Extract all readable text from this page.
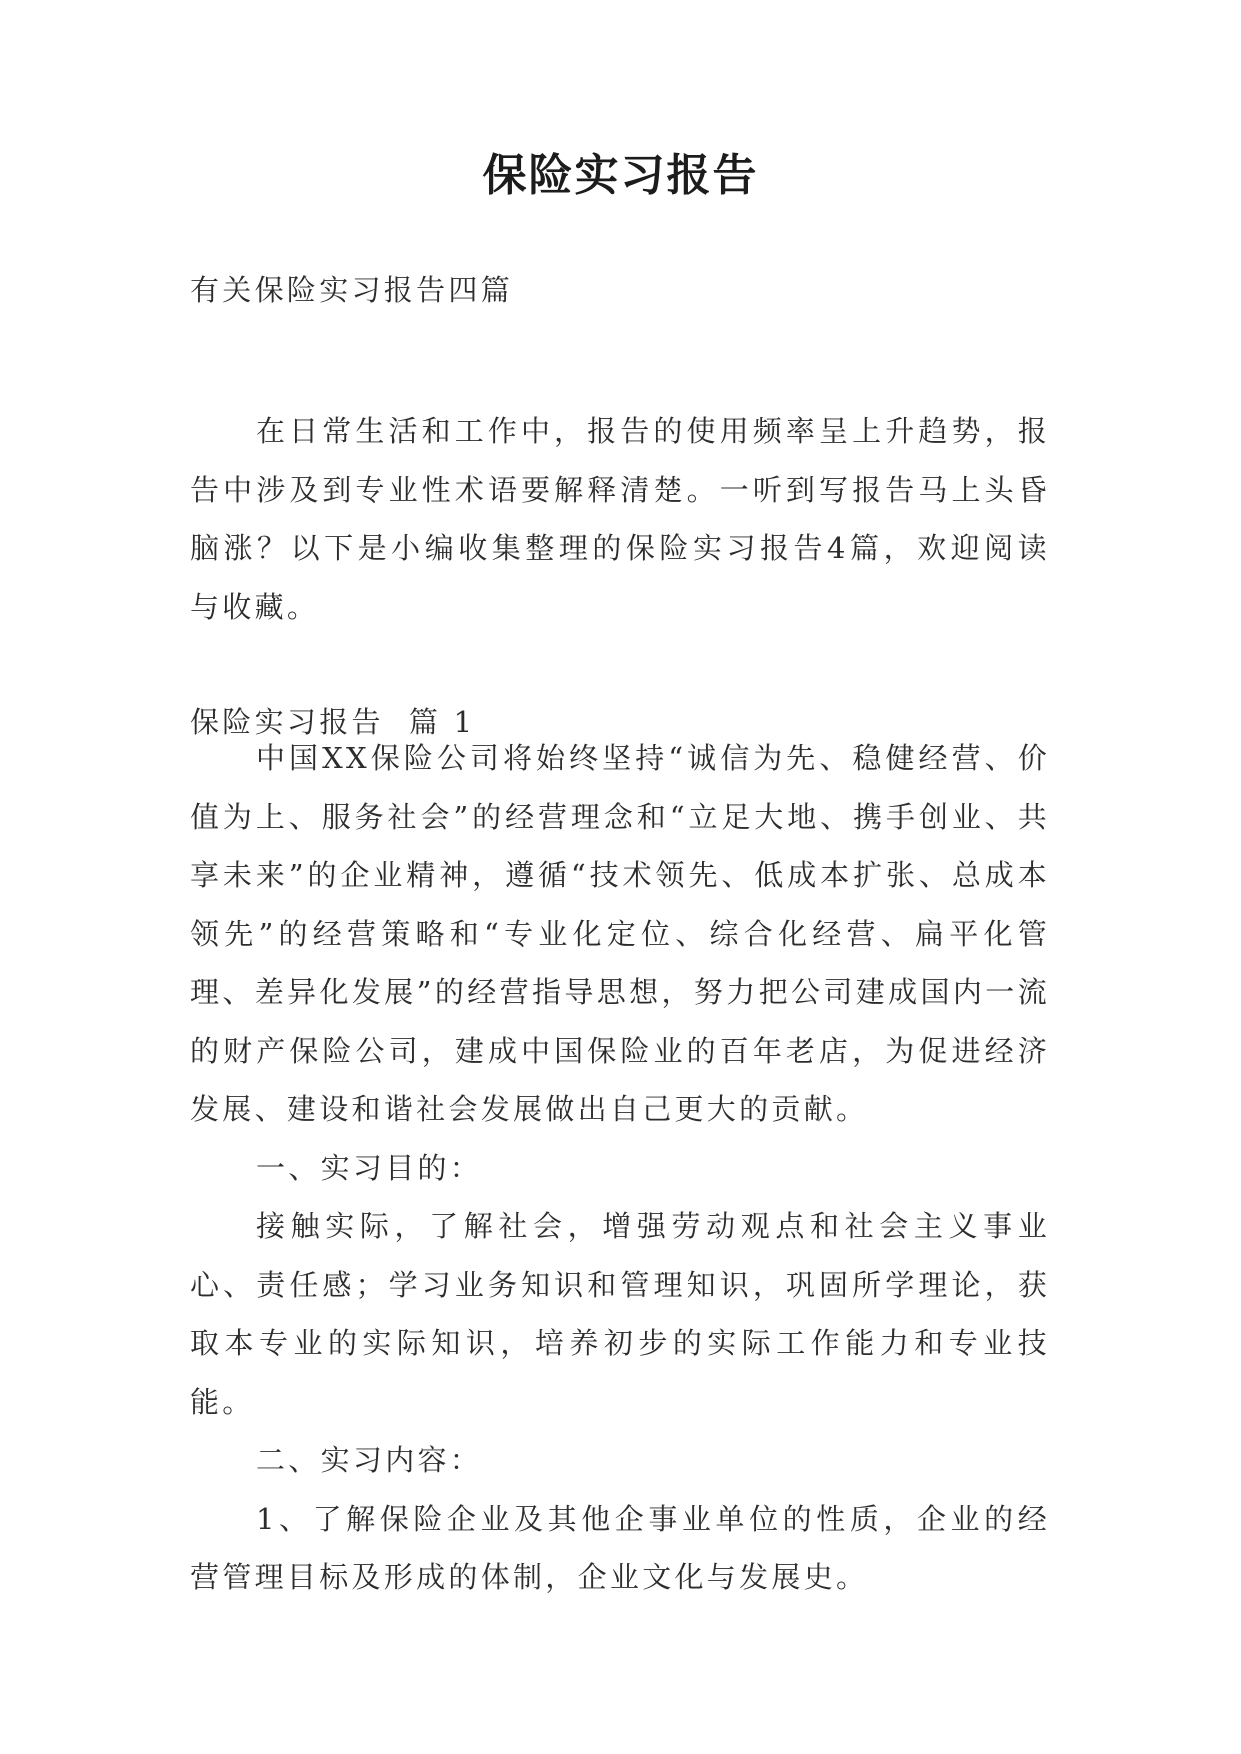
保险实习报告
有关保险实习报告四篇
在日常生活和工作中，报告的使用频率呈上升趋势，报告中涉及到专业性术语要解释清楚。一听到写报告马上头昏脑涨？以下是小编收集整理的保险实习报告4篇，欢迎阅读与收藏。
保险实习报告  篇 1

中国XX保险公司将始终坚持“诚信为先、稳健经营、价值为上、服务社会”的经营理念和“立足大地、携手创业、共享未来”的企业精神，遵循“技术领先、低成本扩张、总成本领先”的经营策略和“专业化定位、综合化经营、扁平化管理、差异化发展”的经营指导思想，努力把公司建成国内一流的财产保险公司，建成中国保险业的百年老店，为促进经济发展、建设和谐社会发展做出自己更大的贡献。

一、实习目的：

接触实际，了解社会，增强劳动观点和社会主义事业心、责任感；学习业务知识和管理知识，巩固所学理论，获取本专业的实际知识，培养初步的实际工作能力和专业技能。

二、实习内容：

1、了解保险企业及其他企事业单位的性质，企业的经营管理目标及形成的体制，企业文化与发展史。
